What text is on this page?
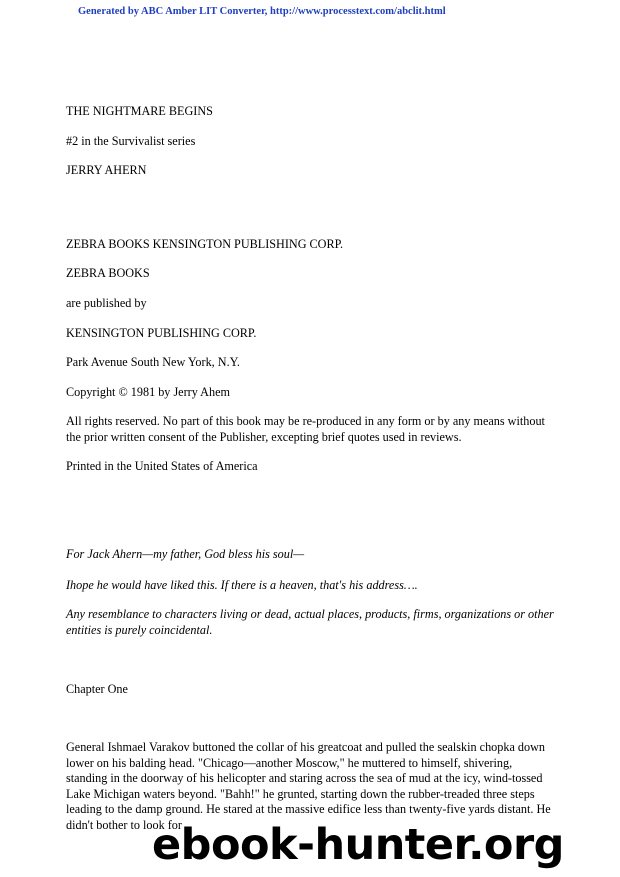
Generated by ABC Amber LIT Converter, http://www.processtext.com/abclit.html
THE NIGHTMARE BEGINS
#2 in the Survivalist series
JERRY AHERN
ZEBRA BOOKS KENSINGTON PUBLISHING CORP.
ZEBRA BOOKS
are published by
KENSINGTON PUBLISHING CORP.
Park Avenue South New York, N.Y.
Copyright © 1981 by Jerry Ahem
All rights reserved. No part of this book may be re-produced in any form or by any means without the prior written consent of the Publisher, excepting brief quotes used in reviews.
Printed in the United States of America
For Jack Ahern—my father, God bless his soul—
Ihope he would have liked this. If there is a heaven, that's his address….
Any resemblance to characters living or dead, actual places, products, firms, organizations or other entities is purely coincidental.
Chapter One
General Ishmael Varakov buttoned the collar of his greatcoat and pulled the sealskin chopka down lower on his balding head. "Chicago—another Moscow," he muttered to himself, shivering, standing in the doorway of his helicopter and staring across the sea of mud at the icy, wind-tossed Lake Michigan waters beyond. "Bahh!" he grunted, starting down the rubber-treaded three steps leading to the damp ground. He stared at the massive edifice less than twenty-five yards distant. He didn't bother to look for
ebook-hunter.org
